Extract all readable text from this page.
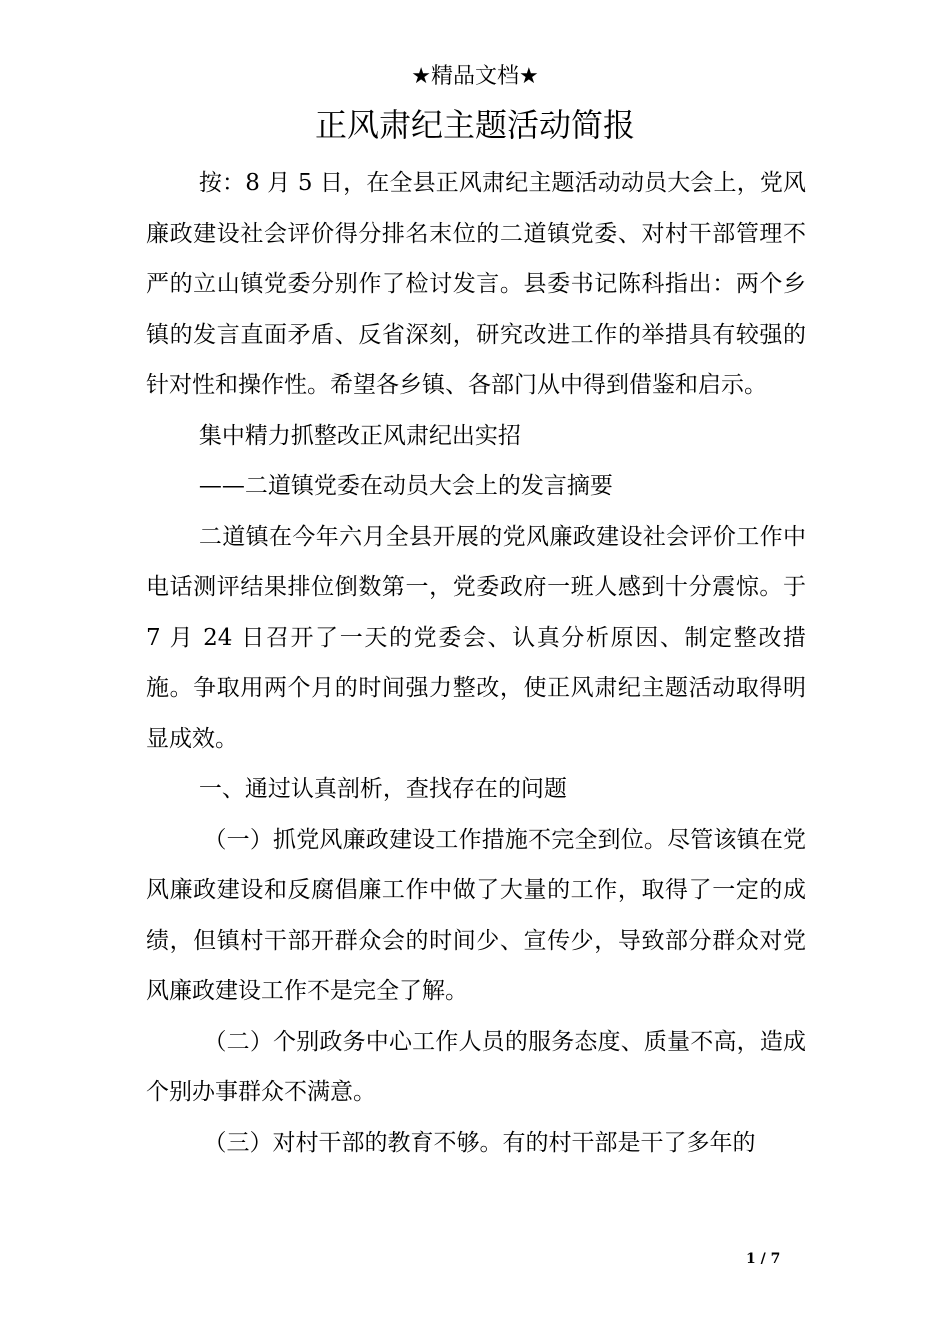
★精品文档★
正风肃纪主题活动简报

按：8 月 5 日，在全县正风肃纪主题活动动员大会上，党风廉政建设社会评价得分排名末位的二道镇党委、对村干部管理不严的立山镇党委分别作了检讨发言。县委书记陈科指出：两个乡镇的发言直面矛盾、反省深刻，研究改进工作的举措具有较强的针对性和操作性。希望各乡镇、各部门从中得到借鉴和启示。

集中精力抓整改正风肃纪出实招

——二道镇党委在动员大会上的发言摘要

二道镇在今年六月全县开展的党风廉政建设社会评价工作中电话测评结果排位倒数第一，党委政府一班人感到十分震惊。于 7 月 24 日召开了一天的党委会、认真分析原因、制定整改措施。争取用两个月的时间强力整改，使正风肃纪主题活动取得明显成效。

一、通过认真剖析，查找存在的问题

（一）抓党风廉政建设工作措施不完全到位。尽管该镇在党风廉政建设和反腐倡廉工作中做了大量的工作，取得了一定的成绩，但镇村干部开群众会的时间少、宣传少，导致部分群众对党风廉政建设工作不是完全了解。

（二）个别政务中心工作人员的服务态度、质量不高，造成个别办事群众不满意。

（三）对村干部的教育不够。有的村干部是干了多年的

1 / 7
